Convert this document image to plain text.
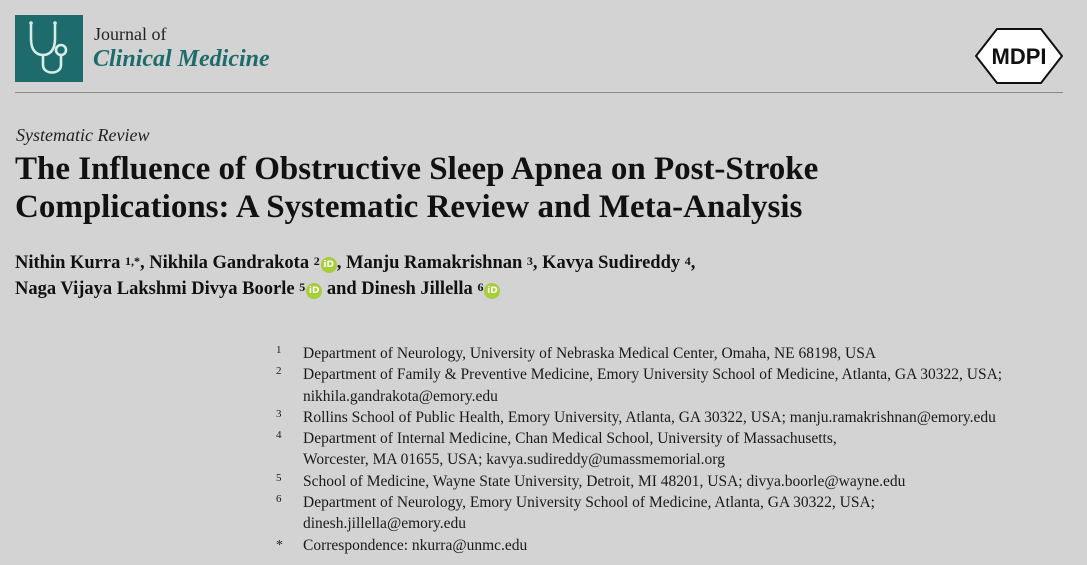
Journal of
Clinical Medicine	MDPI
Systematic Review
The Influence of Obstructive Sleep Apnea on Post-Stroke
Complications: A Systematic Review and Meta-Analysis
Nithin Kurra $^{1,*}$, Nikhila Gandrakota $^2$ iD , Manju Ramakrishnan $^3$, Kavya Sudireddy $^4$,
Naga Vijaya Lakshmi Divya Boorle $^5$ iD and Dinesh Jillella $^6$ iD
1 Department of Neurology, University of Nebraska Medical Center, Omaha, NE 68198, USA
2 Department of Family & Preventive Medicine, Emory University School of Medicine, Atlanta, GA 30322, USA;
nikhila.gandrakota@emory.edu
3 Rollins School of Public Health, Emory University, Atlanta, GA 30322, USA; manju.ramakrishnan@emory.edu
4 Department of Internal Medicine, Chan Medical School, University of Massachusetts,
Worcester, MA 01655, USA; kavya.sudireddy@umassmemorial.org
5 School of Medicine, Wayne State University, Detroit, MI 48201, USA; divya.boorle@wayne.edu
6 Department of Neurology, Emory University School of Medicine, Atlanta, GA 30322, USA;
dinesh.jillella@emory.edu
* Correspondence: nkurra@unmc.edu
